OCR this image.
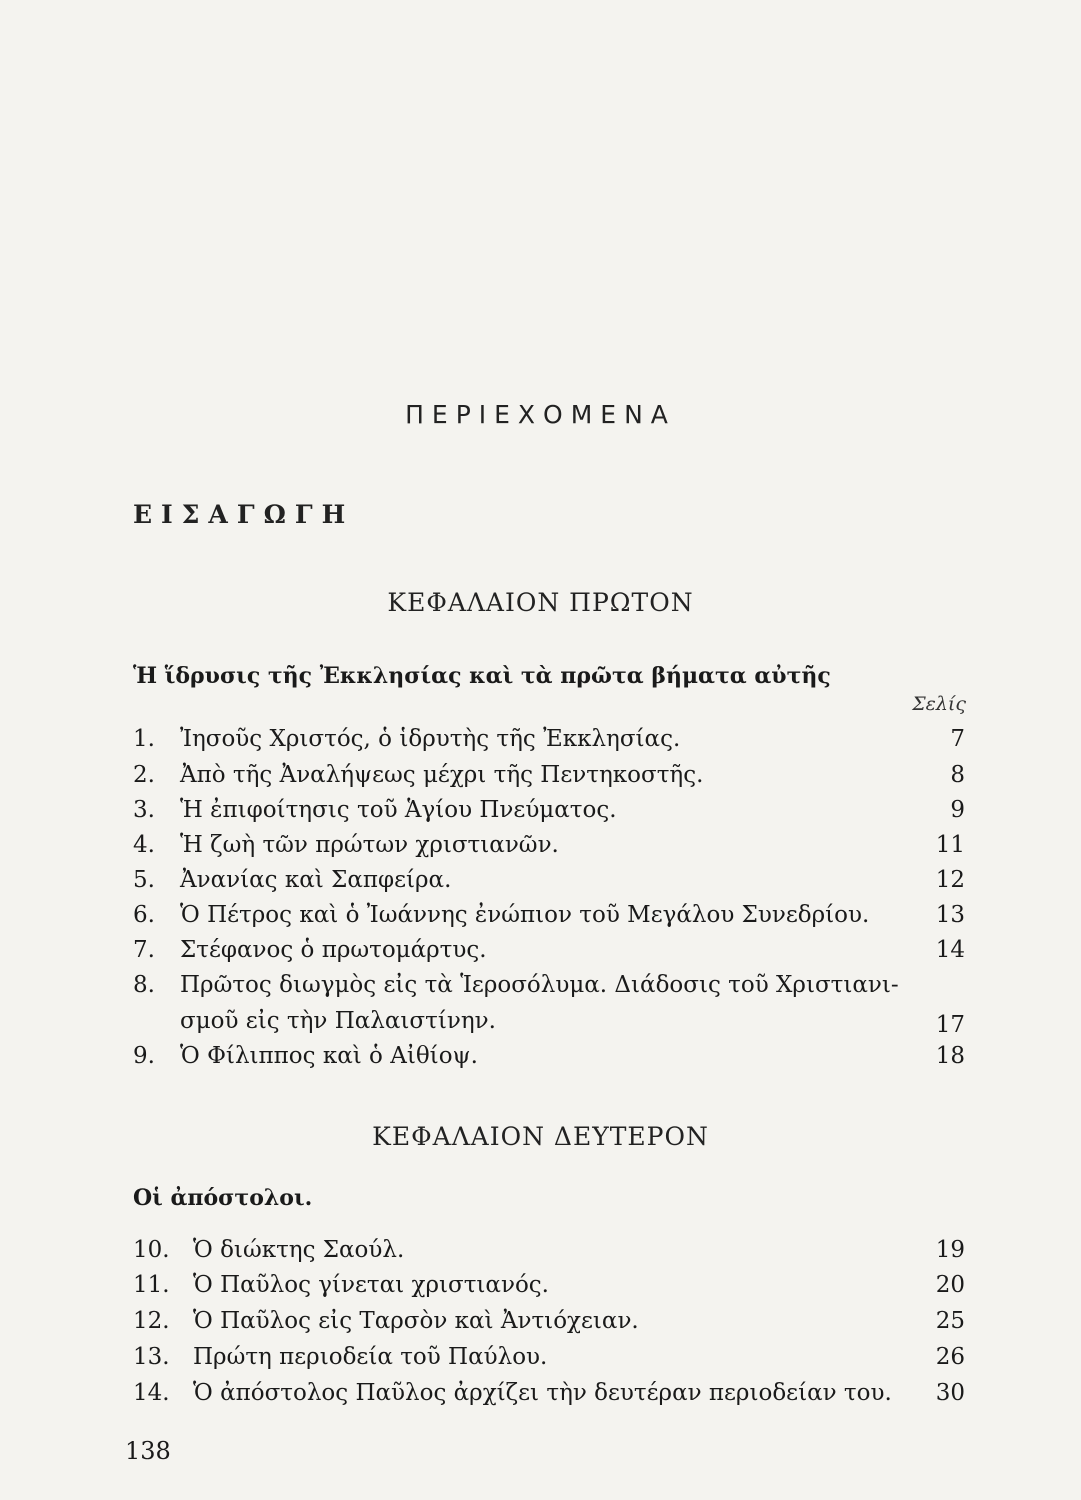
ΠΕΡΙΕΧΟΜΕΝΑ
ΕΙΣΑΓΩΓΗ
ΚΕΦΑΛΑΙΟΝ ΠΡΩΤΟΝ
Ἡ ἵδρυσις τῆς Ἐκκλησίας καὶ τὰ πρῶτα βήματα αὐτῆς
Σελίς
1. Ἰησοῦς Χριστός, ὁ ἱδρυτὴς τῆς Ἐκκλησίας.	7
2. Ἀπὸ τῆς Ἀναλήψεως μέχρι τῆς Πεντηκοστῆς.	8
3. Ἡ ἐπιφοίτησις τοῦ Ἁγίου Πνεύματος.	9
4. Ἡ ζωὴ τῶν πρώτων χριστιανῶν.	11
5. Ἀνανίας καὶ Σαπφείρα.	12
6. Ὁ Πέτρος καὶ ὁ Ἰωάννης ἐνώπιον τοῦ Μεγάλου Συνεδρίου.	13
7. Στέφανος ὁ πρωτομάρτυς.	14
8. Πρῶτος διωγμὸς εἰς τὰ Ἱεροσόλυμα. Διάδοσις τοῦ Χριστιανι-
σμοῦ εἰς τὴν Παλαιστίνην.	17
9. Ὁ Φίλιππος καὶ ὁ Αἰθίοψ.	18
ΚΕΦΑΛΑΙΟΝ ΔΕΥΤΕΡΟΝ
Οἱ ἀπόστολοι.
10. Ὁ διώκτης Σαούλ.	19
11. Ὁ Παῦλος γίνεται χριστιανός.	20
12. Ὁ Παῦλος εἰς Ταρσὸν καὶ Ἀντιόχειαν.	25
13. Πρώτη περιοδεία τοῦ Παύλου.	26
14. Ὁ ἀπόστολος Παῦλος ἀρχίζει τὴν δευτέραν περιοδείαν του. 30
138
